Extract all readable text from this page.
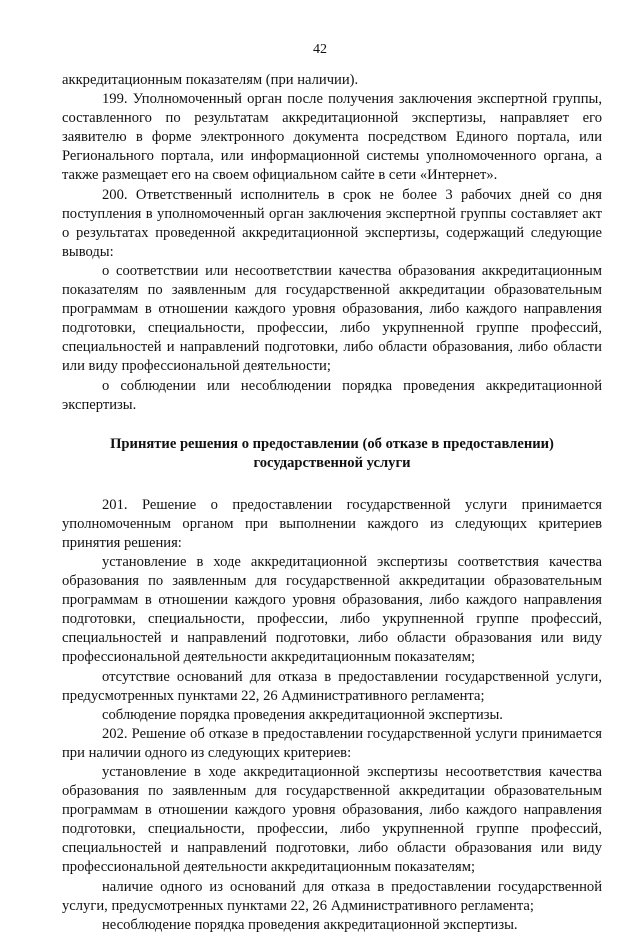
42

аккредитационным показателям (при наличии).

199. Уполномоченный орган после получения заключения экспертной группы, составленного по результатам аккредитационной экспертизы, направляет его заявителю в форме электронного документа посредством Единого портала, или Регионального портала, или информационной системы уполномоченного органа, а также размещает его на своем официальном сайте в сети «Интернет».

200. Ответственный исполнитель в срок не более 3 рабочих дней со дня поступления в уполномоченный орган заключения экспертной группы составляет акт о результатах проведенной аккредитационной экспертизы, содержащий следующие выводы:

о соответствии или несоответствии качества образования аккредитационным показателям по заявленным для государственной аккредитации образовательным программам в отношении каждого уровня образования, либо каждого направления подготовки, специальности, профессии, либо укрупненной группе профессий, специальностей и направлений подготовки, либо области образования, либо области или виду профессиональной деятельности;

о соблюдении или несоблюдении порядка проведения аккредитационной экспертизы.

Принятие решения о предоставлении (об отказе в предоставлении)
государственной услуги

201. Решение о предоставлении государственной услуги принимается уполномоченным органом при выполнении каждого из следующих критериев принятия решения:

установление в ходе аккредитационной экспертизы соответствия качества образования по заявленным для государственной аккредитации образовательным программам в отношении каждого уровня образования, либо каждого направления подготовки, специальности, профессии, либо укрупненной группе профессий, специальностей и направлений подготовки, либо области образования или виду профессиональной деятельности аккредитационным показателям;

отсутствие оснований для отказа в предоставлении государственной услуги, предусмотренных пунктами 22, 26 Административного регламента;

соблюдение порядка проведения аккредитационной экспертизы.

202. Решение об отказе в предоставлении государственной услуги принимается при наличии одного из следующих критериев:

установление в ходе аккредитационной экспертизы несоответствия качества образования по заявленным для государственной аккредитации образовательным программам в отношении каждого уровня образования, либо каждого направления подготовки, специальности, профессии, либо укрупненной группе профессий, специальностей и направлений подготовки, либо области образования или виду профессиональной деятельности аккредитационным показателям;

наличие одного из оснований для отказа в предоставлении государственной услуги, предусмотренных пунктами 22, 26 Административного регламента;

несоблюдение порядка проведения аккредитационной экспертизы.
